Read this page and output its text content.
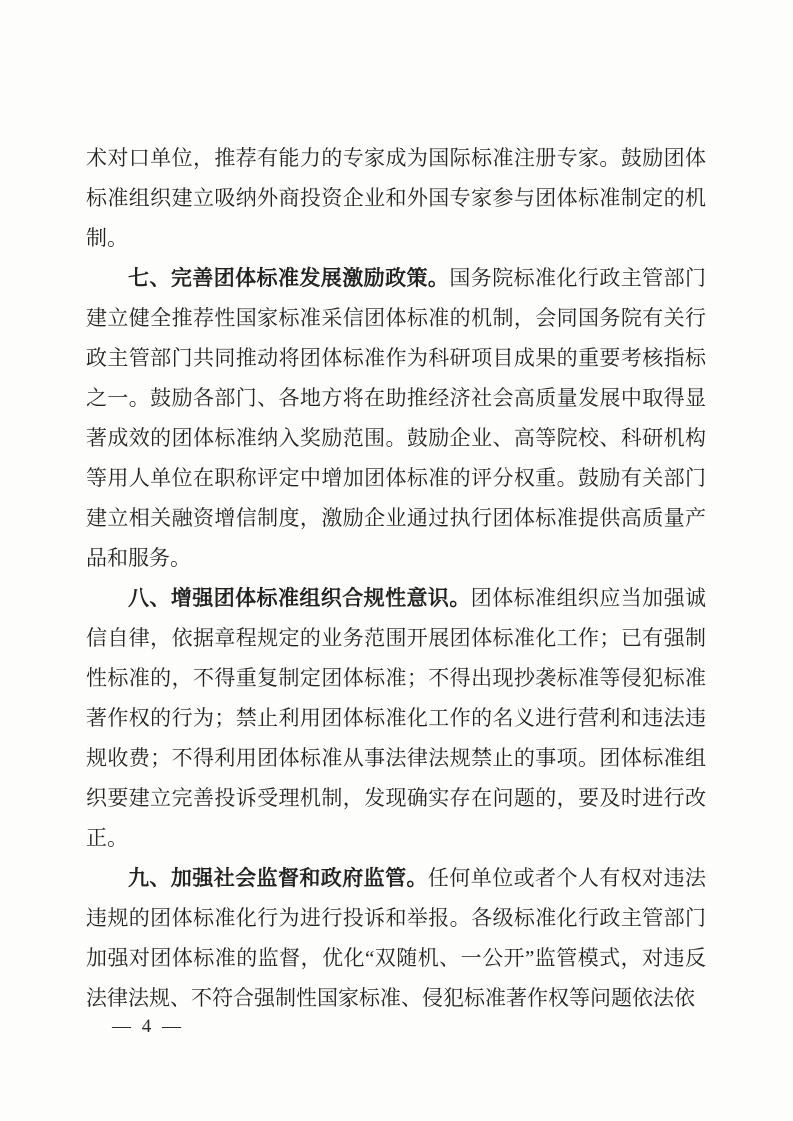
术对口单位，推荐有能力的专家成为国际标准注册专家。鼓励团体标准组织建立吸纳外商投资企业和外国专家参与团体标准制定的机制。

七、完善团体标准发展激励政策。国务院标准化行政主管部门建立健全推荐性国家标准采信团体标准的机制，会同国务院有关行政主管部门共同推动将团体标准作为科研项目成果的重要考核指标之一。鼓励各部门、各地方将在助推经济社会高质量发展中取得显著成效的团体标准纳入奖励范围。鼓励企业、高等院校、科研机构等用人单位在职称评定中增加团体标准的评分权重。鼓励有关部门建立相关融资增信制度，激励企业通过执行团体标准提供高质量产品和服务。

八、增强团体标准组织合规性意识。团体标准组织应当加强诚信自律，依据章程规定的业务范围开展团体标准化工作；已有强制性标准的，不得重复制定团体标准；不得出现抄袭标准等侵犯标准著作权的行为；禁止利用团体标准化工作的名义进行营利和违法违规收费；不得利用团体标准从事法律法规禁止的事项。团体标准组织要建立完善投诉受理机制，发现确实存在问题的，要及时进行改正。

九、加强社会监督和政府监管。任何单位或者个人有权对违法违规的团体标准化行为进行投诉和举报。各级标准化行政主管部门加强对团体标准的监督，优化“双随机、一公开”监管模式，对违反法律法规、不符合强制性国家标准、侵犯标准著作权等问题依法依

— 4 —
